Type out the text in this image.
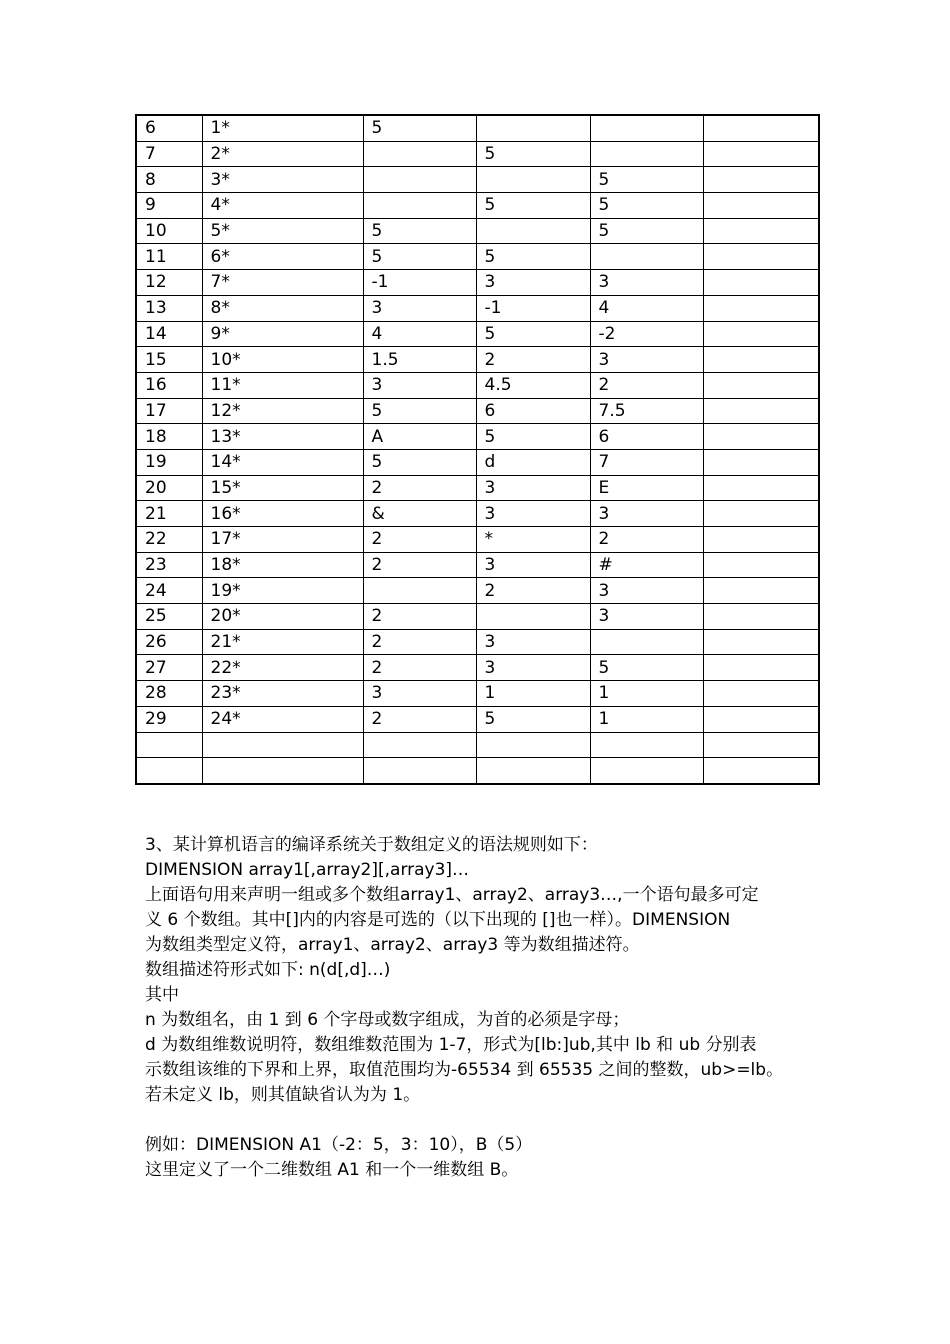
6	1*	5			
7	2*		5		
8	3*			5	
9	4*		5	5	
10	5*	5		5	
11	6*	5	5		
12	7*	-1	3	3	
13	8*	3	-1	4	
14	9*	4	5	-2	
15	10*	1.5	2	3	
16	11*	3	4.5	2	
17	12*	5	6	7.5	
18	13*	A	5	6	
19	14*	5	d	7	
20	15*	2	3	E	
21	16*	&	3	3	
22	17*	2	*	2	
23	18*	2	3	#	
24	19*		2	3	
25	20*	2		3	
26	21*	2	3		
27	22*	2	3	5	
28	23*	3	1	1	
29	24*	2	5	1	

3、某计算机语言的编译系统关于数组定义的语法规则如下：

DIMENSION array1[,array2][,array3]…

上面语句用来声明一组或多个数组array1、array2、array3…,一个语句最多可定

义 6 个数组。其中[]内的内容是可选的（以下出现的 []也一样）。DIMENSION

为数组类型定义符，array1、array2、array3 等为数组描述符。

数组描述符形式如下: n(d[,d]…)

其中

n 为数组名，由 1 到 6 个字母或数字组成，为首的必须是字母；

d 为数组维数说明符，数组维数范围为 1-7，形式为[lb:]ub,其中 lb 和 ub 分别表

示数组该维的下界和上界，取值范围均为-65534 到 65535 之间的整数，ub>=lb。

若未定义 lb，则其值缺省认为为 1。

例如：DIMENSION A1（-2：5，3：10），B（5）

这里定义了一个二维数组 A1 和一个一维数组 B。
